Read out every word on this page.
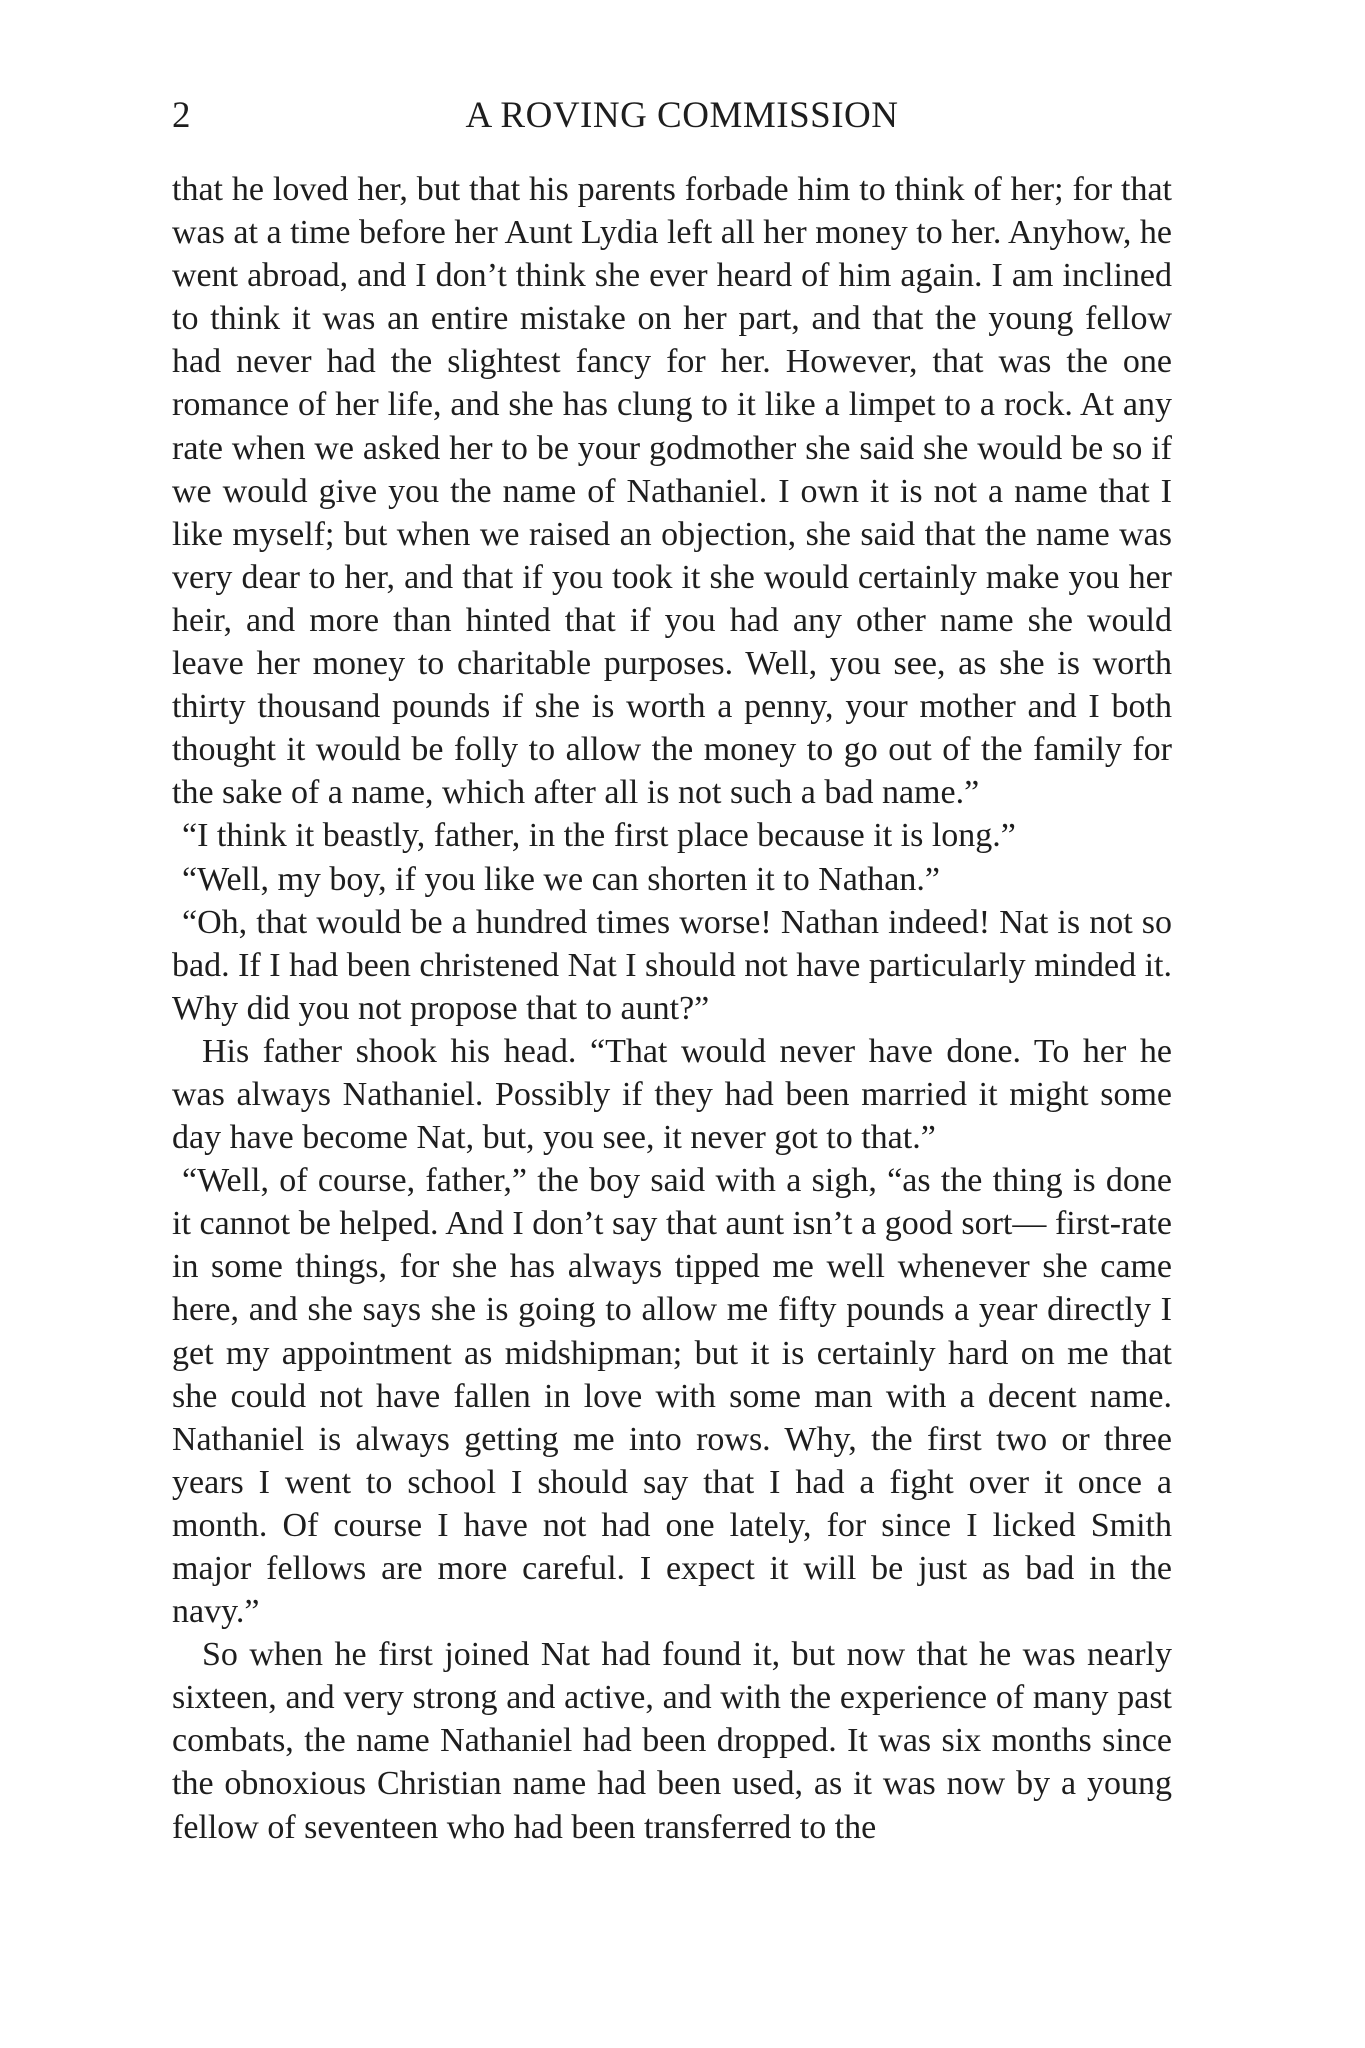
2	A ROVING COMMISSION

that he loved her, but that his parents forbade him to think of her; for that was at a time before her Aunt Lydia left all her money to her. Anyhow, he went abroad, and I don’t think she ever heard of him again. I am inclined to think it was an entire mistake on her part, and that the young fellow had never had the slightest fancy for her. However, that was the one romance of her life, and she has clung to it like a limpet to a rock. At any rate when we asked her to be your godmother she said she would be so if we would give you the name of Nathaniel. I own it is not a name that I like myself; but when we raised an objection, she said that the name was very dear to her, and that if you took it she would certainly make you her heir, and more than hinted that if you had any other name she would leave her money to charitable purposes. Well, you see, as she is worth thirty thousand pounds if she is worth a penny, your mother and I both thought it would be folly to allow the money to go out of the family for the sake of a name, which after all is not such a bad name.”

“I think it beastly, father, in the first place because it is long.”

“Well, my boy, if you like we can shorten it to Nathan.”

“Oh, that would be a hundred times worse! Nathan indeed! Nat is not so bad. If I had been christened Nat I should not have particularly minded it. Why did you not propose that to aunt?”

His father shook his head. “That would never have done. To her he was always Nathaniel. Possibly if they had been married it might some day have become Nat, but, you see, it never got to that.”

“Well, of course, father,” the boy said with a sigh, “as the thing is done it cannot be helped. And I don’t say that aunt isn’t a good sort— first-rate in some things, for she has always tipped me well whenever she came here, and she says she is going to allow me fifty pounds a year directly I get my appointment as midshipman; but it is certainly hard on me that she could not have fallen in love with some man with a decent name. Nathaniel is always getting me into rows. Why, the first two or three years I went to school I should say that I had a fight over it once a month. Of course I have not had one lately, for since I licked Smith major fellows are more careful. I expect it will be just as bad in the navy.”

So when he first joined Nat had found it, but now that he was nearly sixteen, and very strong and active, and with the experience of many past combats, the name Nathaniel had been dropped. It was six months since the obnoxious Christian name had been used, as it was now by a young fellow of seventeen who had been transferred to the
